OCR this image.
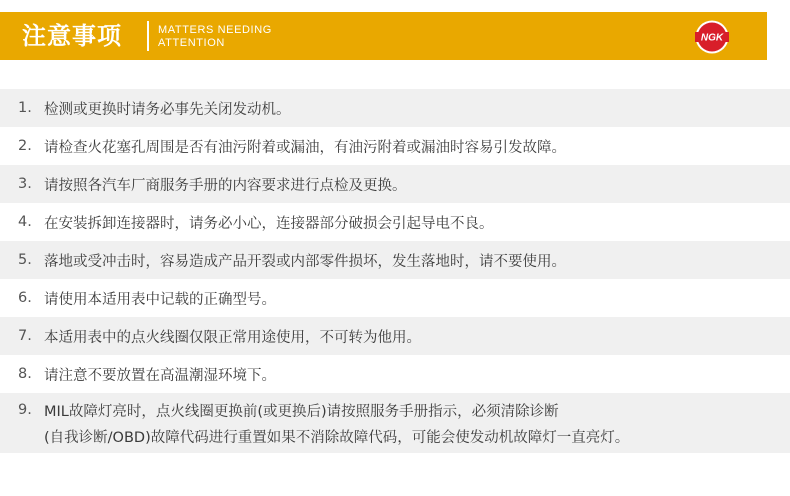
注意事项	MATTERS NEEDING
ATTENTION	NGK
1. 检测或更换时请务必事先关闭发动机。
2. 请检查火花塞孔周围是否有油污附着或漏油，有油污附着或漏油时容易引发故障。
3. 请按照各汽车厂商服务手册的内容要求进行点检及更换。
4. 在安装拆卸连接器时，请务必小心，连接器部分破损会引起导电不良。
5. 落地或受冲击时，容易造成产品开裂或内部零件损坏，发生落地时，请不要使用。
6. 请使用本适用表中记载的正确型号。
7. 本适用表中的点火线圈仅限正常用途使用，不可转为他用。
8. 请注意不要放置在高温潮湿环境下。
9. MIL故障灯亮时，点火线圈更换前(或更换后)请按照服务手册指示，必须清除诊断
(自我诊断/OBD)故障代码进行重置如果不消除故障代码，可能会使发动机故障灯一直亮灯。
